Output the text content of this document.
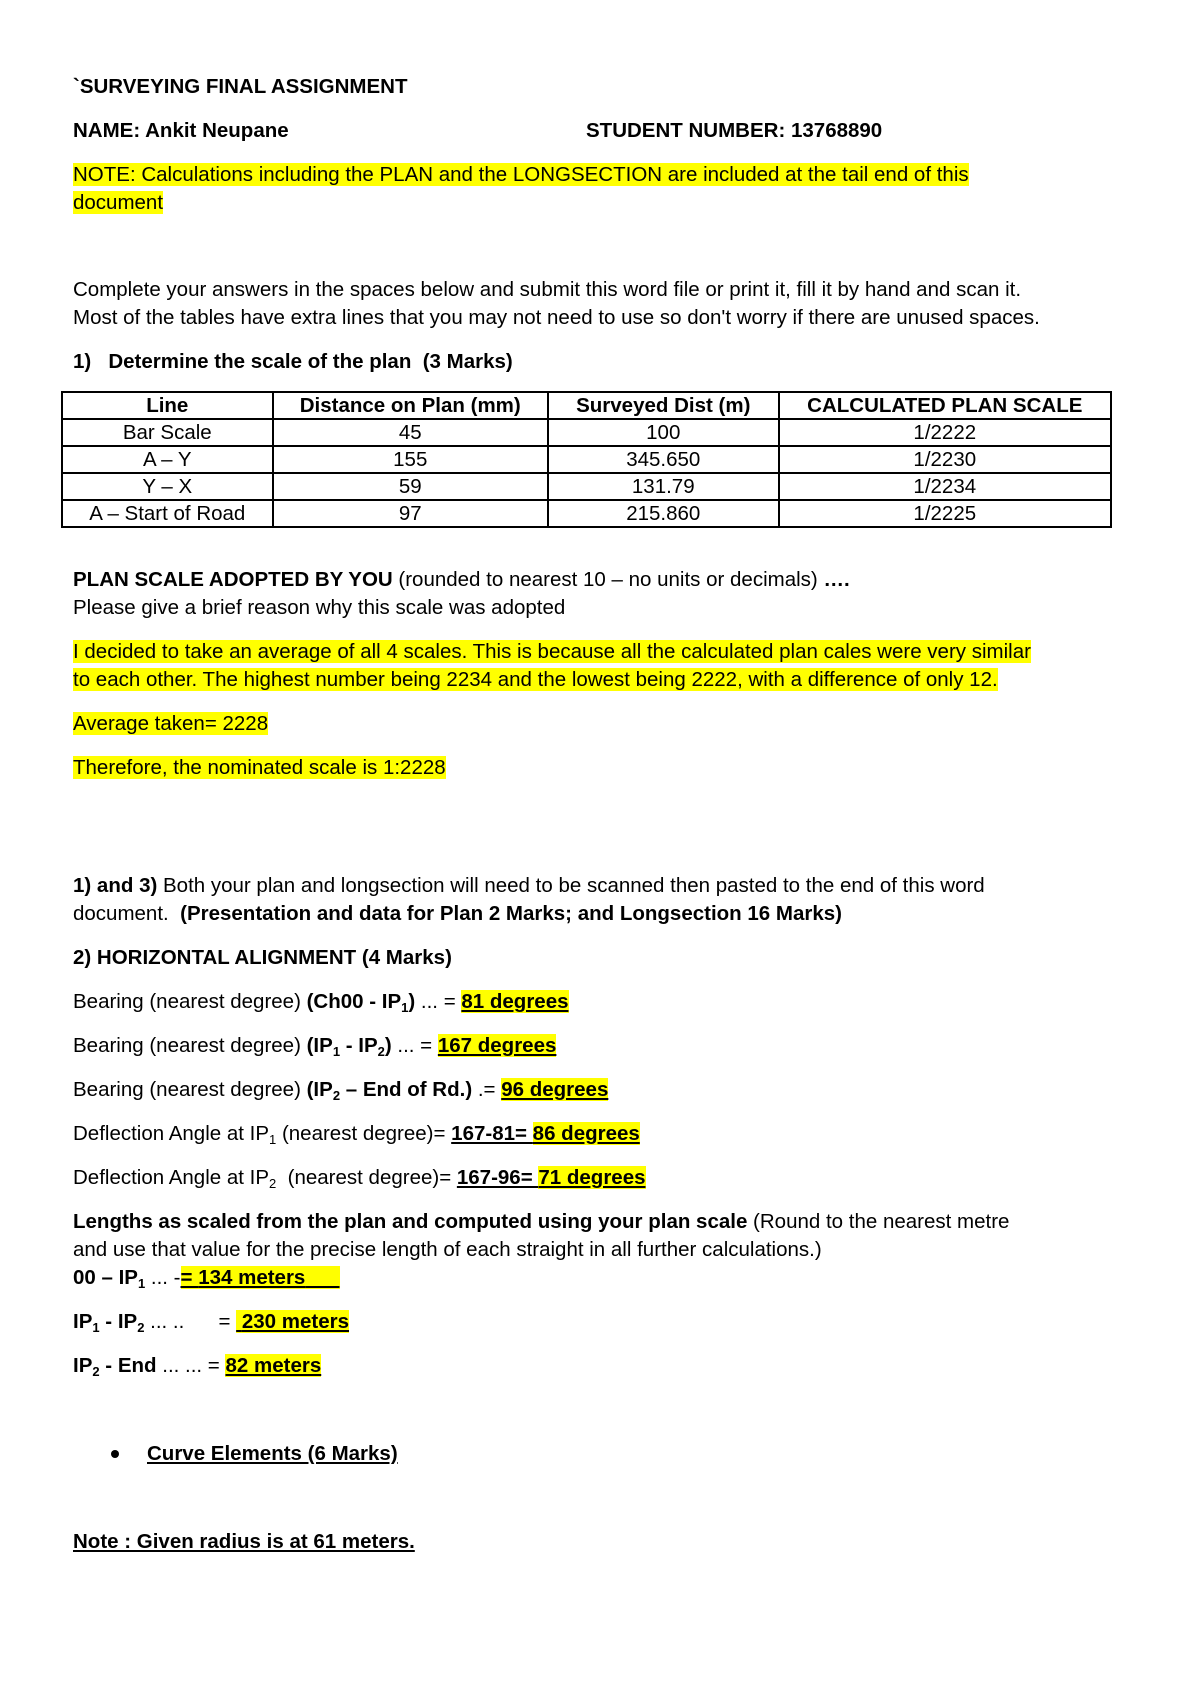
`SURVEYING FINAL ASSIGNMENT
NAME: Ankit Neupane	STUDENT NUMBER: 13768890
NOTE: Calculations including the PLAN and the LONGSECTION are included at the tail end of this
document
Complete your answers in the spaces below and submit this word file or print it, fill it by hand and scan it.
Most of the tables have extra lines that you may not need to use so don't worry if there are unused spaces.
1)   Determine the scale of the plan  (3 Marks)
Line	Distance on Plan (mm)	Surveyed Dist (m)	CALCULATED PLAN SCALE
Bar Scale	45	100	1/2222
A – Y	155	345.650	1/2230
Y – X	59	131.79	1/2234
A – Start of Road	97	215.860	1/2225
PLAN SCALE ADOPTED BY YOU (rounded to nearest 10 – no units or decimals) ….
Please give a brief reason why this scale was adopted
I decided to take an average of all 4 scales. This is because all the calculated plan cales were very similar
to each other. The highest number being 2234 and the lowest being 2222, with a difference of only 12.
Average taken= 2228
Therefore, the nominated scale is 1:2228
1) and 3) Both your plan and longsection will need to be scanned then pasted to the end of this word
document.  (Presentation and data for Plan 2 Marks; and Longsection 16 Marks)
2) HORIZONTAL ALIGNMENT (4 Marks)
Bearing (nearest degree) $(Ch00 - IP_1)$ ... = 81 degrees
Bearing (nearest degree) $(IP_1 - IP_2)$ ... = 167 degrees
Bearing (nearest degree) ($IP_2$ – End of Rd.) .= 96 degrees
Deflection Angle at $IP_1$ (nearest degree)= 167-81= 86 degrees
Deflection Angle at $IP_2$  (nearest degree)= 167-96= 71 degrees
Lengths as scaled from the plan and computed using your plan scale (Round to the nearest metre
and use that value for the precise length of each straight in all further calculations.)
$00 - IP_1$ ... -= 134 meters
$IP_1 - IP_2$ ... ..      =  230 meters
$IP_2$ - End ... ... = 82 meters
Curve Elements (6 Marks)
Note : Given radius is at 61 meters.
